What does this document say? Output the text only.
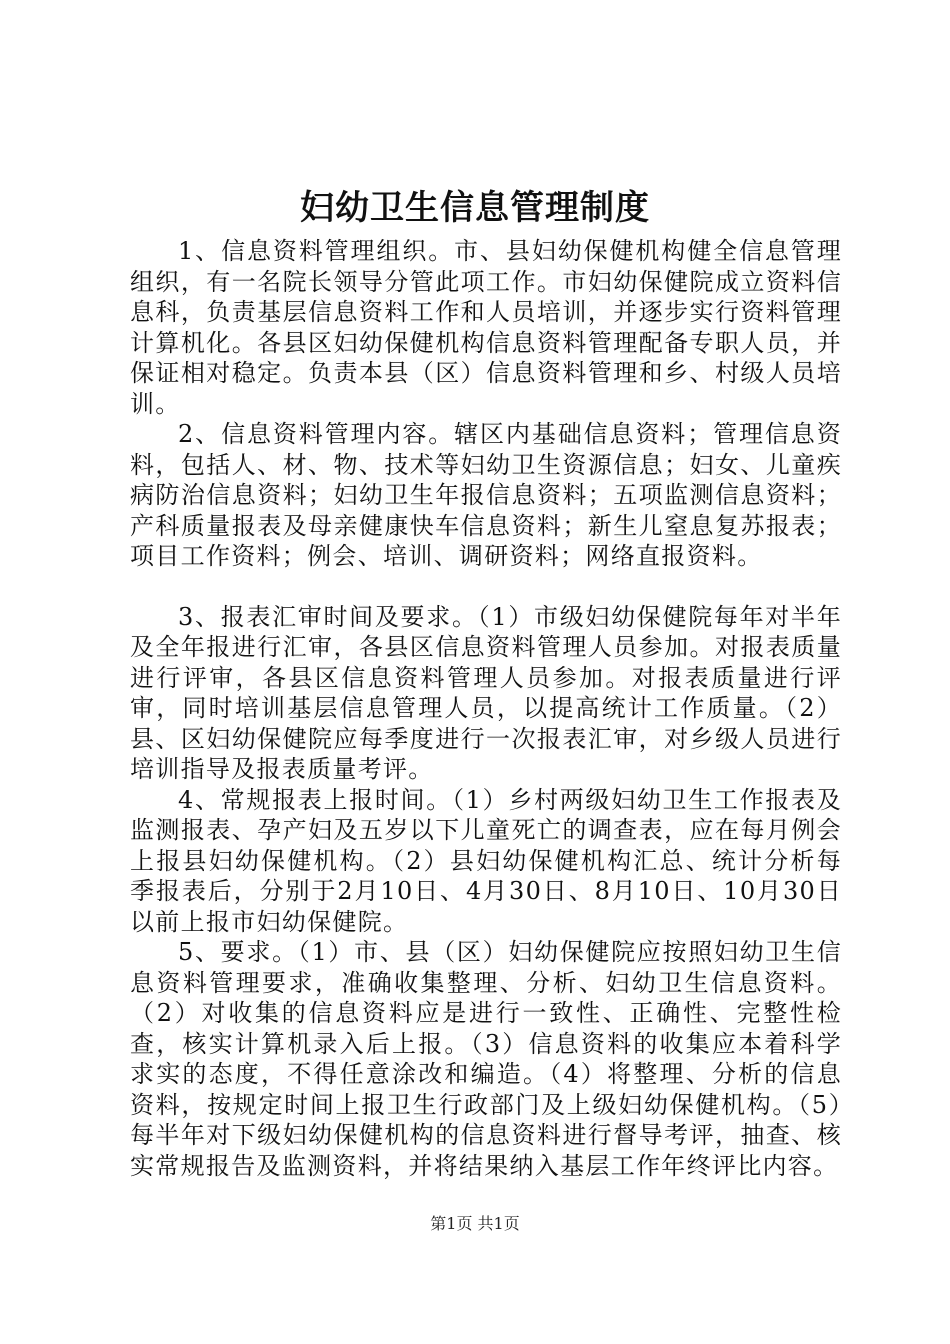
妇幼卫生信息管理制度

1、信息资料管理组织。市、县妇幼保健机构健全信息管理组织，有一名院长领导分管此项工作。市妇幼保健院成立资料信息科，负责基层信息资料工作和人员培训，并逐步实行资料管理计算机化。各县区妇幼保健机构信息资料管理配备专职人员，并保证相对稳定。负责本县（区）信息资料管理和乡、村级人员培训。

2、信息资料管理内容。辖区内基础信息资料；管理信息资料，包括人、材、物、技术等妇幼卫生资源信息；妇女、儿童疾病防治信息资料；妇幼卫生年报信息资料；五项监测信息资料；产科质量报表及母亲健康快车信息资料；新生儿窒息复苏报表；项目工作资料；例会、培训、调研资料；网络直报资料。

3、报表汇审时间及要求。（1）市级妇幼保健院每年对半年及全年报进行汇审，各县区信息资料管理人员参加。对报表质量进行评审，各县区信息资料管理人员参加。对报表质量进行评审，同时培训基层信息管理人员，以提高统计工作质量。（2）县、区妇幼保健院应每季度进行一次报表汇审，对乡级人员进行培训指导及报表质量考评。

4、常规报表上报时间。（1）乡村两级妇幼卫生工作报表及监测报表、孕产妇及五岁以下儿童死亡的调查表，应在每月例会上报县妇幼保健机构。（2）县妇幼保健机构汇总、统计分析每季报表后，分别于2月10日、4月30日、8月10日、10月30日以前上报市妇幼保健院。

5、要求。（1）市、县（区）妇幼保健院应按照妇幼卫生信息资料管理要求，准确收集整理、分析、妇幼卫生信息资料。（2）对收集的信息资料应是进行一致性、正确性、完整性检查，核实计算机录入后上报。（3）信息资料的收集应本着科学求实的态度，不得任意涂改和编造。（4）将整理、分析的信息资料，按规定时间上报卫生行政部门及上级妇幼保健机构。（5）每半年对下级妇幼保健机构的信息资料进行督导考评，抽查、核实常规报告及监测资料，并将结果纳入基层工作年终评比内容。

第1页 共1页
